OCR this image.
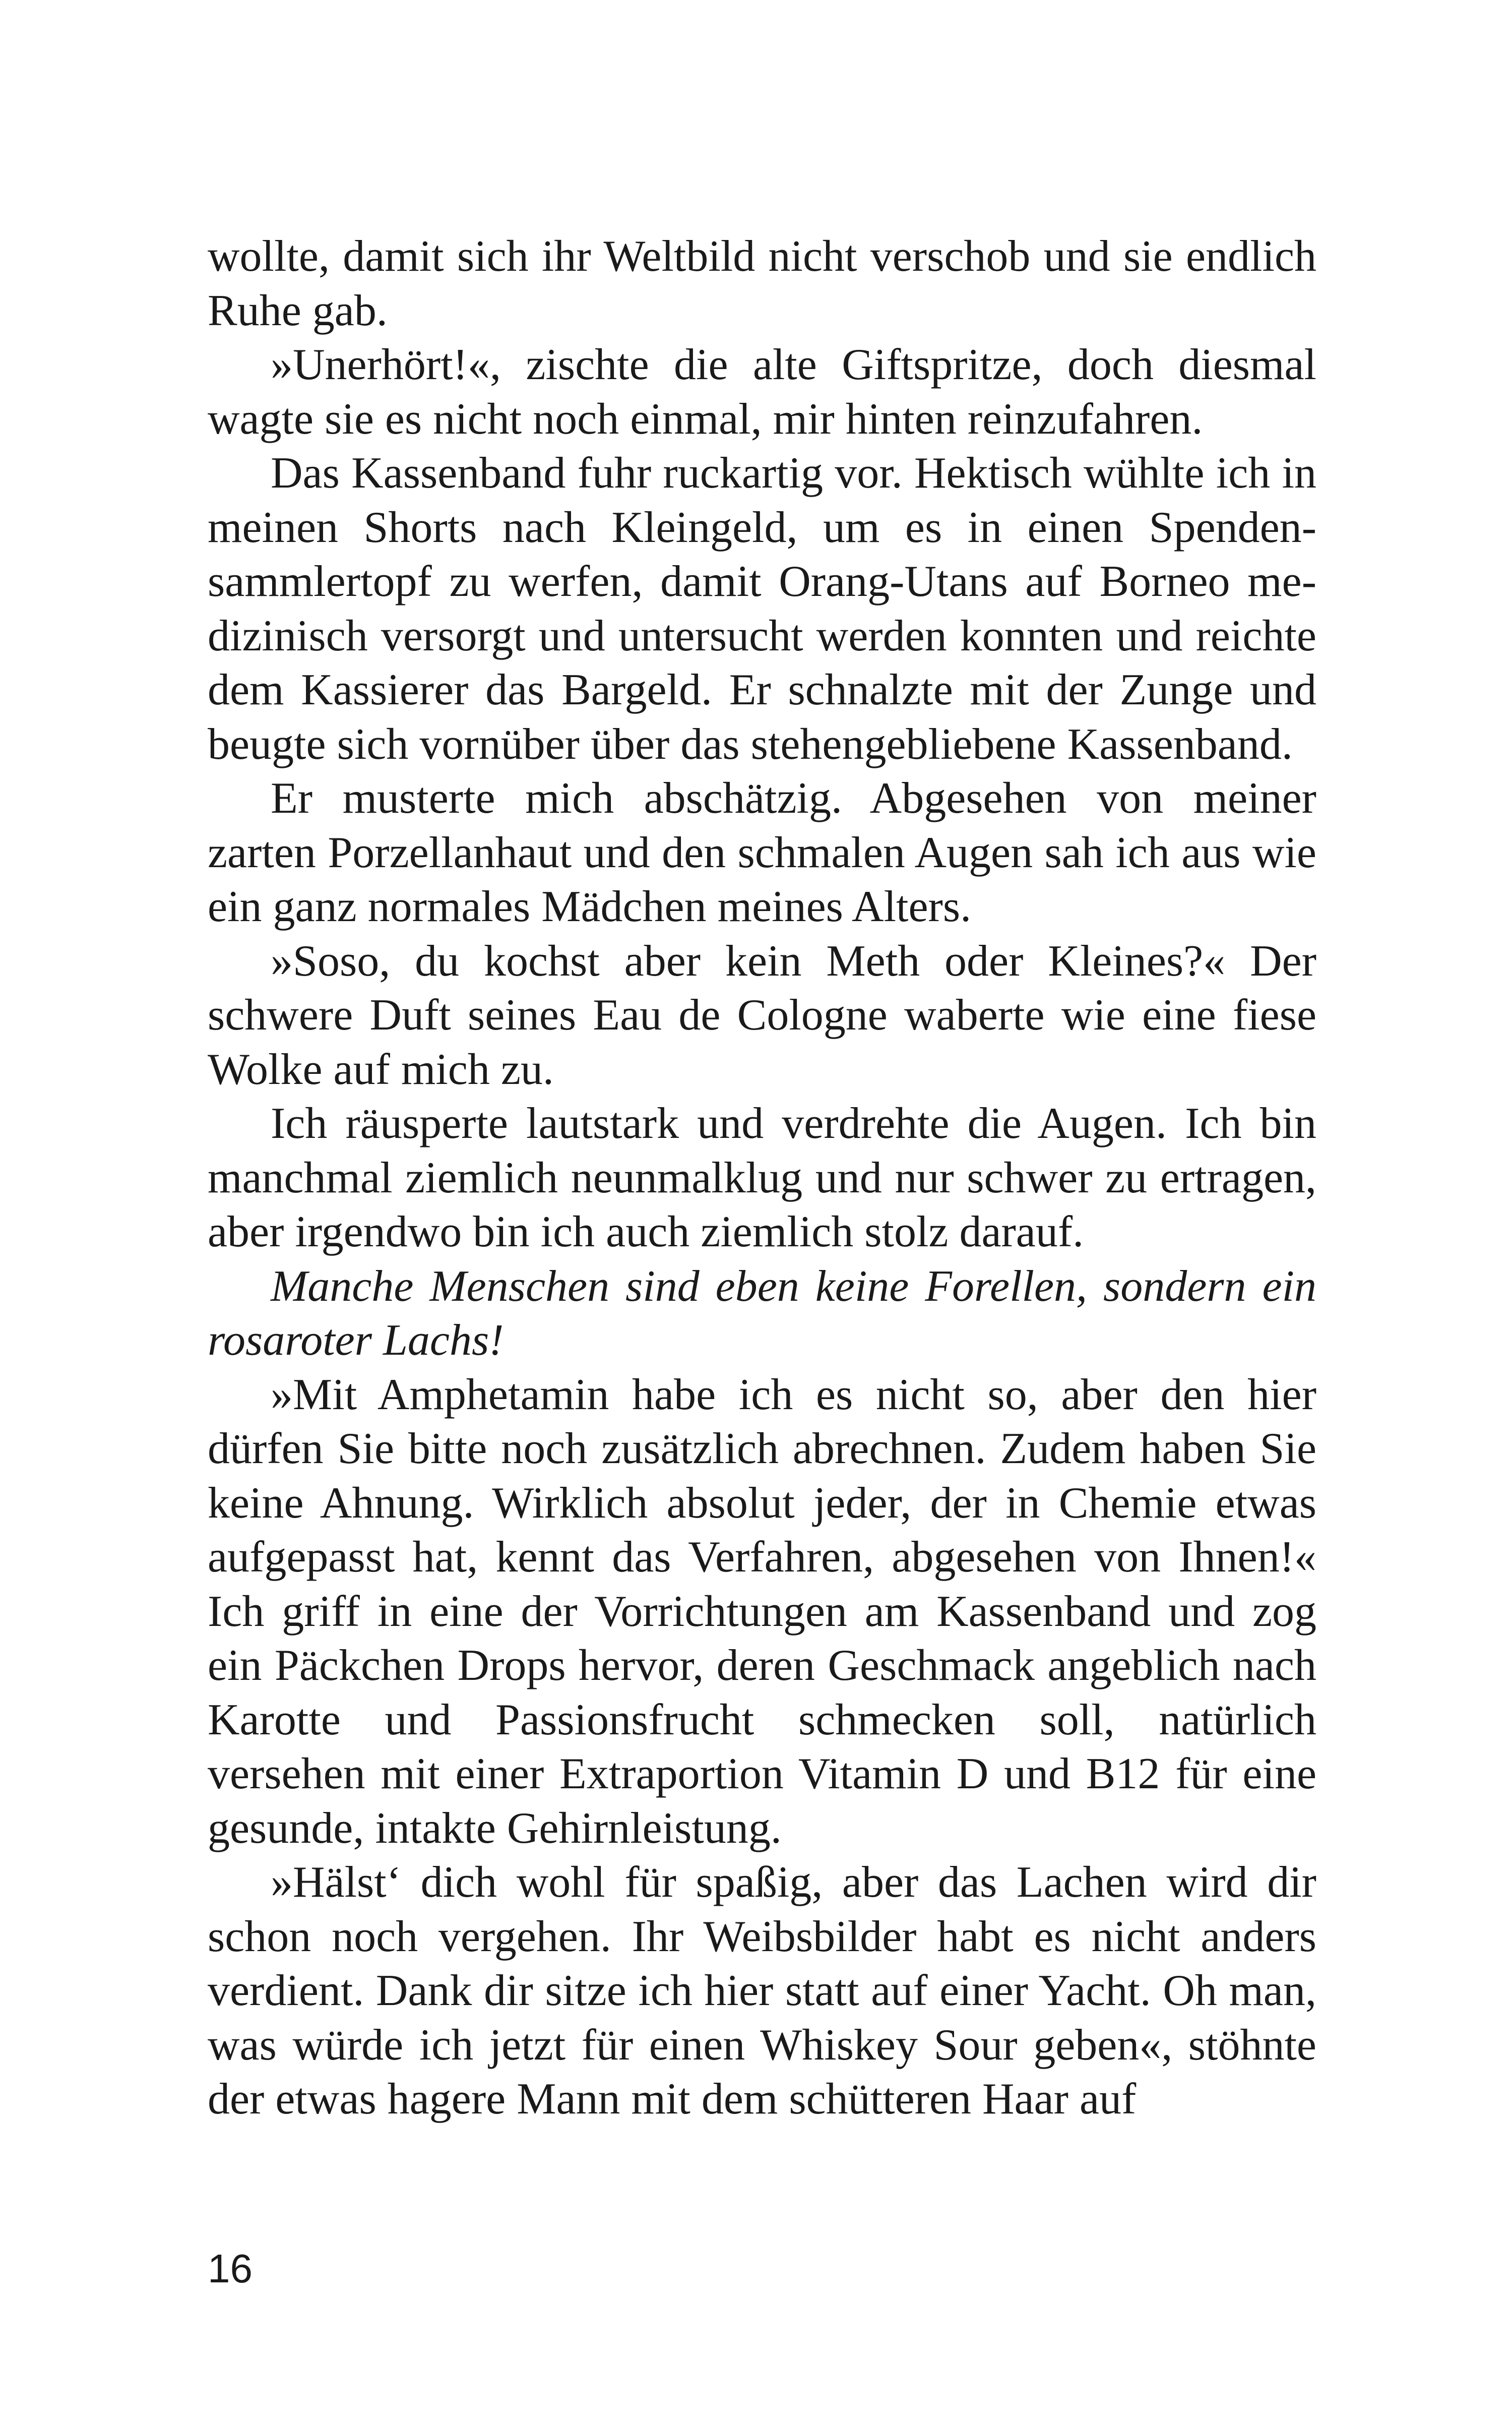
wollte, damit sich ihr Weltbild nicht verschob und sie endlich Ruhe gab.

»Unerhört!«, zischte die alte Giftspritze, doch diesmal wagte sie es nicht noch einmal, mir hinten reinzufahren.

Das Kassenband fuhr ruckartig vor. Hektisch wühlte ich in meinen Shorts nach Kleingeld, um es in einen Spendensammlertopf zu werfen, damit Orang-Utans auf Borneo medizinisch versorgt und untersucht werden konnten und reichte dem Kassierer das Bargeld. Er schnalzte mit der Zunge und beugte sich vornüber über das stehengebliebene Kassenband.

Er musterte mich abschätzig. Abgesehen von meiner zarten Porzellanhaut und den schmalen Augen sah ich aus wie ein ganz normales Mädchen meines Alters.

»Soso, du kochst aber kein Meth oder Kleines?« Der schwere Duft seines Eau de Cologne waberte wie eine fiese Wolke auf mich zu.

Ich räusperte lautstark und verdrehte die Augen. Ich bin manchmal ziemlich neunmalklug und nur schwer zu ertragen, aber irgendwo bin ich auch ziemlich stolz darauf.

Manche Menschen sind eben keine Forellen, sondern ein rosaroter Lachs!

»Mit Amphetamin habe ich es nicht so, aber den hier dürfen Sie bitte noch zusätzlich abrechnen. Zudem haben Sie keine Ahnung. Wirklich absolut jeder, der in Chemie etwas aufgepasst hat, kennt das Verfahren, abgesehen von Ihnen!« Ich griff in eine der Vorrichtungen am Kassenband und zog ein Päckchen Drops hervor, deren Geschmack angeblich nach Karotte und Passionsfrucht schmecken soll, natürlich versehen mit einer Extraportion Vitamin D und B12 für eine gesunde, intakte Gehirnleistung.

»Hälst‘ dich wohl für spaßig, aber das Lachen wird dir schon noch vergehen. Ihr Weibsbilder habt es nicht anders verdient. Dank dir sitze ich hier statt auf einer Yacht. Oh man, was würde ich jetzt für einen Whiskey Sour geben«, stöhnte der etwas hagere Mann mit dem schütteren Haar auf

16
